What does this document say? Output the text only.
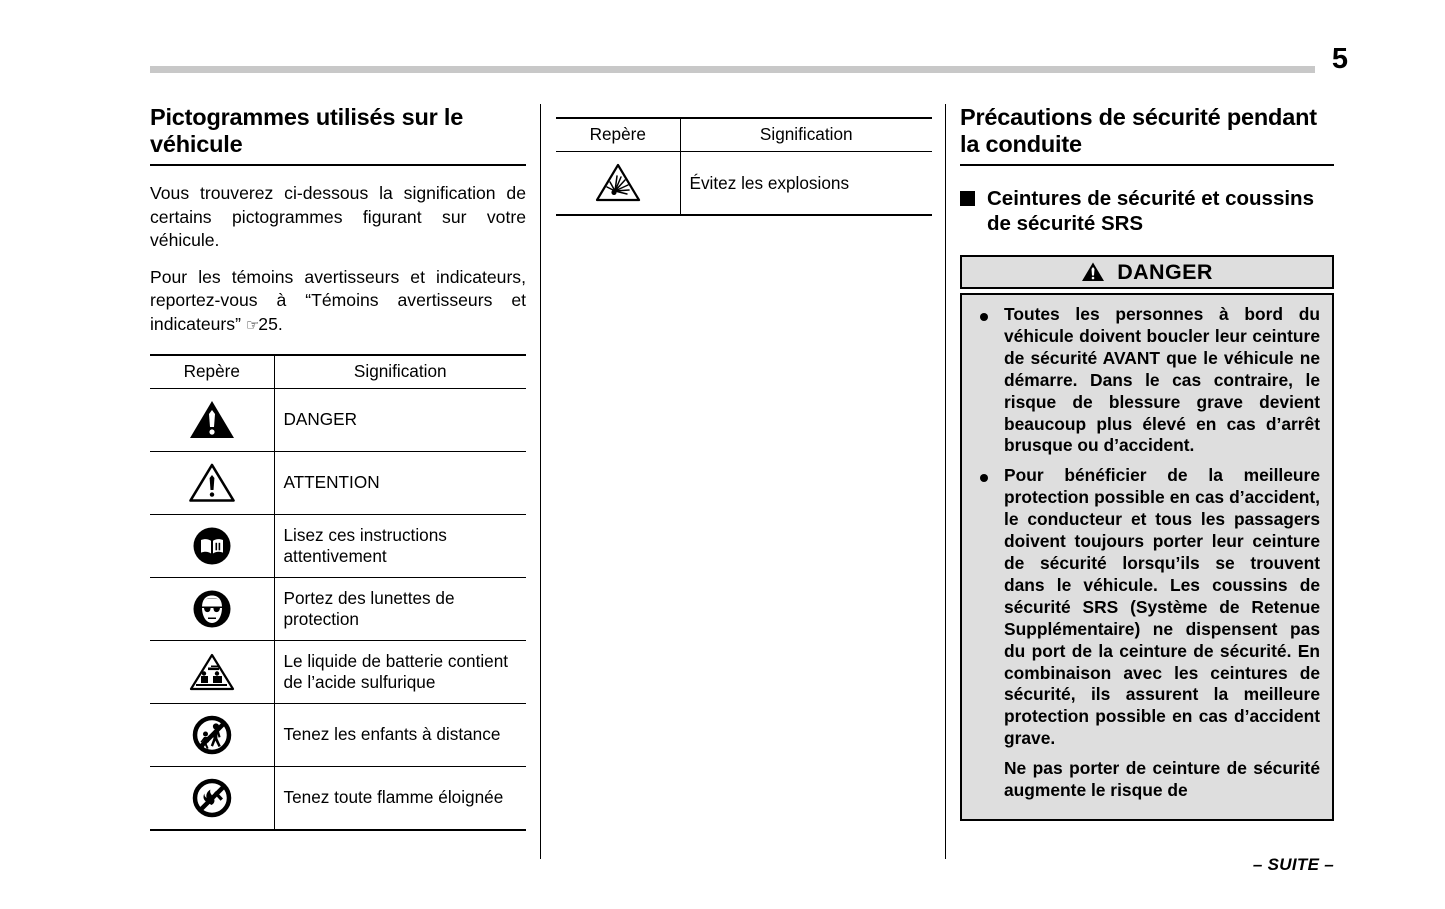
5
Pictogrammes utilisés sur le véhicule

Vous trouverez ci-dessous la signification de certains pictogrammes figurant sur votre véhicule.

Pour les témoins avertisseurs et indicateurs, reportez-vous à “Témoins avertisseurs et indicateurs” ☞25.

Repère	Signification
	DANGER
	ATTENTION
	Lisez ces instructions attentivement
	Portez des lunettes de protection
	Le liquide de batterie contient de l’acide sulfurique
	Tenez les enfants à distance
	Tenez toute flamme éloignée
Repère	Signification
	Évitez les explosions
Précautions de sécurité pendant la conduite
Ceintures de sécurité et coussins de sécurité SRS
DANGER
Toutes les personnes à bord du véhicule doivent boucler leur ceinture de sécurité AVANT que le véhicule ne démarre. Dans le cas contraire, le risque de blessure grave devient beaucoup plus élevé en cas d’arrêt brusque ou d’accident.
Pour bénéficier de la meilleure protection possible en cas d’accident, le conducteur et tous les passagers doivent toujours porter leur ceinture de sécurité lorsqu’ils se trouvent dans le véhicule. Les coussins de sécurité SRS (Système de Retenue Supplémentaire) ne dispensent pas du port de la ceinture de sécurité. En combinaison avec les ceintures de sécurité, ils assurent la meilleure protection possible en cas d’accident grave.
Ne pas porter de ceinture de sécurité augmente le risque de
– SUITE –
